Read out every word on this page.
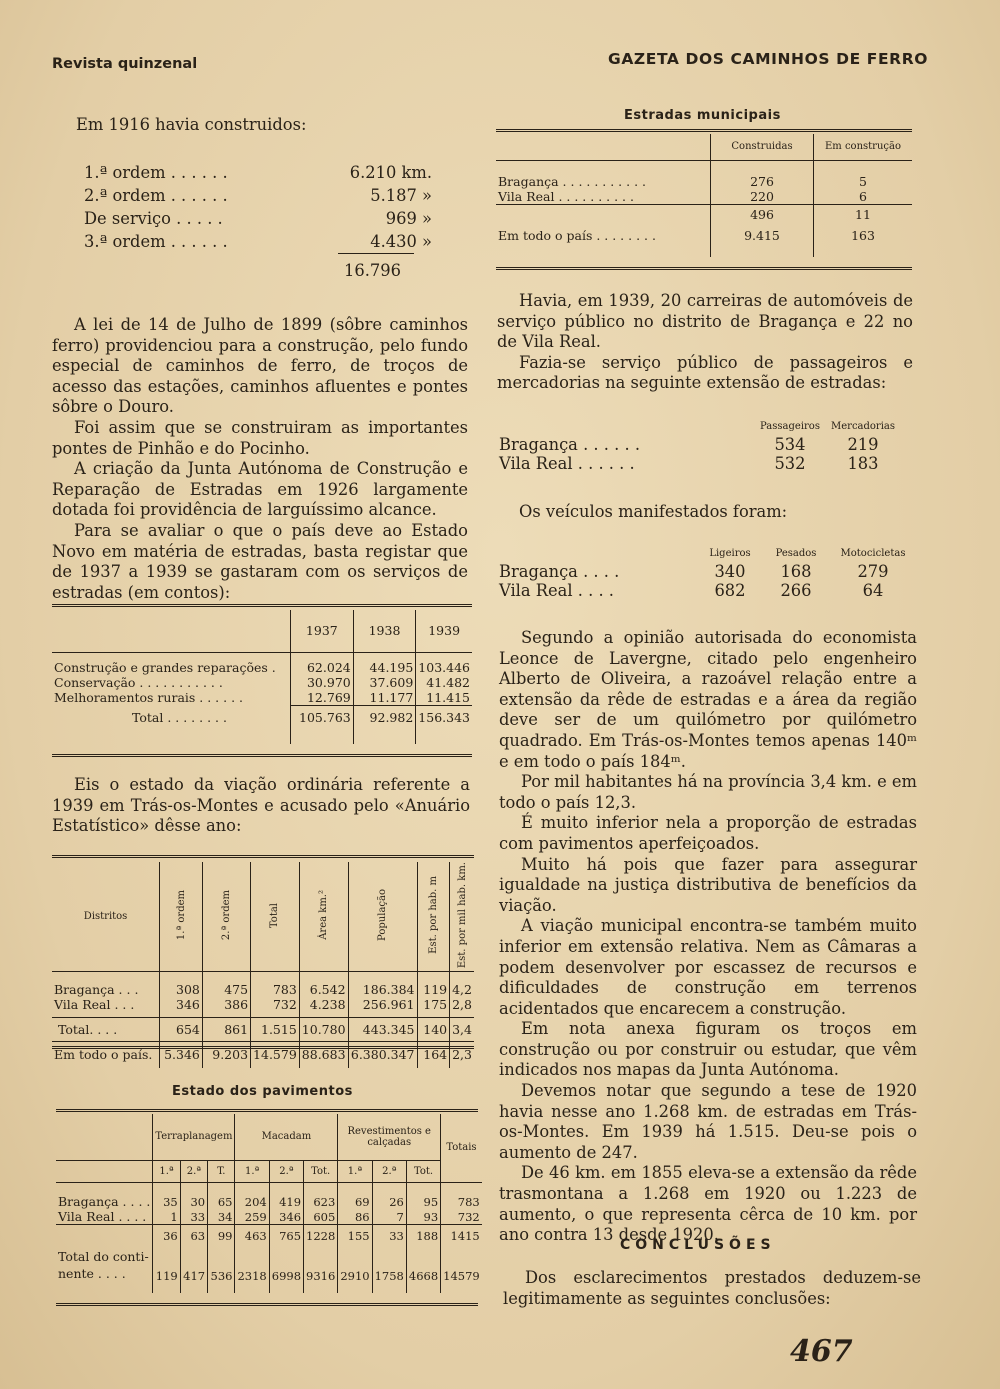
Revista quinzenal	GAZETA DOS CAMINHOS DE FERRO
Em 1916 havia construidos:
1.ª ordem . . . . . .	6.210 km.
2.ª ordem . . . . . .	5.187 »
De serviço . . . . .	969 »
3.ª ordem . . . . . .	4.430 »
16.796

A lei de 14 de Julho de 1899 (sôbre caminhos ferro) providenciou para a construção, pelo fundo especial de caminhos de ferro, de troços de acesso das estações, caminhos afluentes e pontes sôbre o Douro.

Foi assim que se construiram as importantes pontes de Pinhão e do Pocinho.

A criação da Junta Autónoma de Construção e Reparação de Estradas em 1926 largamente dotada foi providência de larguíssimo alcance.

Para se avaliar o que o país deve ao Estado Novo em matéria de estradas, basta registar que de 1937 a 1939 se gastaram com os serviços de estradas (em contos):

	1937	1938	1939

Construção e grandes reparações .	62.024	44.195	103.446
Conservação . . . . . . . . . . .	30.970	37.609	41.482
Melhoramentos rurais . . . . . .	12.769	11.177	11.415
Total . . . . . . . .	105.763	92.982	156.343

Eis o estado da viação ordinária referente a 1939 em Trás-os-Montes e acusado pelo «Anuário Estatístico» dêsse ano:

Distritos	1.ª ordem	2.ª ordem	Total	Área km.²	População	Est. por hab. m	Est. por mil hab. km.

Bragança . . .	308	475	783	6.542	186.384	119	4,2
Vila Real . . .	346	386	732	4.238	256.961	175	2,8

Total. . . .	654	861	1.515	10.780	443.345	140	3,4
Em todo o país.	5.346	9.203	14.579	88.683	6.380.347	164	2,3
Estado dos pavimentos
	Terraplanagem			Macadam			Revestimentos e calçadas			Totais
	1.ª	2.ª	T.	1.ª	2.ª	Tot.	1.ª	2.ª	Tot.	

Bragança . . . .	35	30	65	204	419	623	69	26	95	783
Vila Real . . . .	1	33	34	259	346	605	86	7	93	732
	36	63	99	463	765	1228	155	33	188	1415

Total do conti-
nente . . . .	119	417	536	2318	6998	9316	2910	1758	4668	14579

Estradas municipais
	Construidas	Em construção

Bragança . . . . . . . . . . .	276	5
Vila Real . . . . . . . . . .	220	6
	496	11
Em todo o país . . . . . . . .	9.415	163

Havia, em 1939, 20 carreiras de automóveis de serviço público no distrito de Bragança e 22 no de Vila Real.

Fazia-se serviço público de passageiros e mercadorias na seguinte extensão de estradas:

	Passageiros	Mercadorias
Bragança . . . . . .	534	219
Vila Real . . . . . .	532	183

Os veículos manifestados foram:

	Ligeiros	Pesados	Motocicletas
Bragança . . . .	340	168	279
Vila Real . . . .	682	266	64

Segundo a opinião autorisada do economista Leonce de Lavergne, citado pelo engenheiro Alberto de Oliveira, a razoável relação entre a extensão da rêde de estradas e a área da região deve ser de um quilómetro por quilómetro quadrado. Em Trás-os-Montes temos apenas 140ᵐ e em todo o país 184ᵐ.

Por mil habitantes há na província 3,4 km. e em todo o país 12,3.

É muito inferior nela a proporção de estradas com pavimentos aperfeiçoados.

Muito há pois que fazer para assegurar igualdade na justiça distributiva de benefícios da viação.

A viação municipal encontra-se também muito inferior em extensão relativa. Nem as Câmaras a podem desenvolver por escassez de recursos e dificuldades de construção em terrenos acidentados que encarecem a construção.

Em nota anexa figuram os troços em construção ou por construir ou estudar, que vêm indicados nos mapas da Junta Autónoma.

Devemos notar que segundo a tese de 1920 havia nesse ano 1.268 km. de estradas em Trás-os-Montes. Em 1939 há 1.515. Deu-se pois o aumento de 247.

De 46 km. em 1855 eleva-se a extensão da rêde trasmontana a 1.268 em 1920 ou 1.223 de aumento, o que representa cêrca de 10 km. por ano contra 13 desde 1920.

CONCLUSÕES

Dos esclarecimentos prestados deduzem-se legitimamente as seguintes conclusões:

467
